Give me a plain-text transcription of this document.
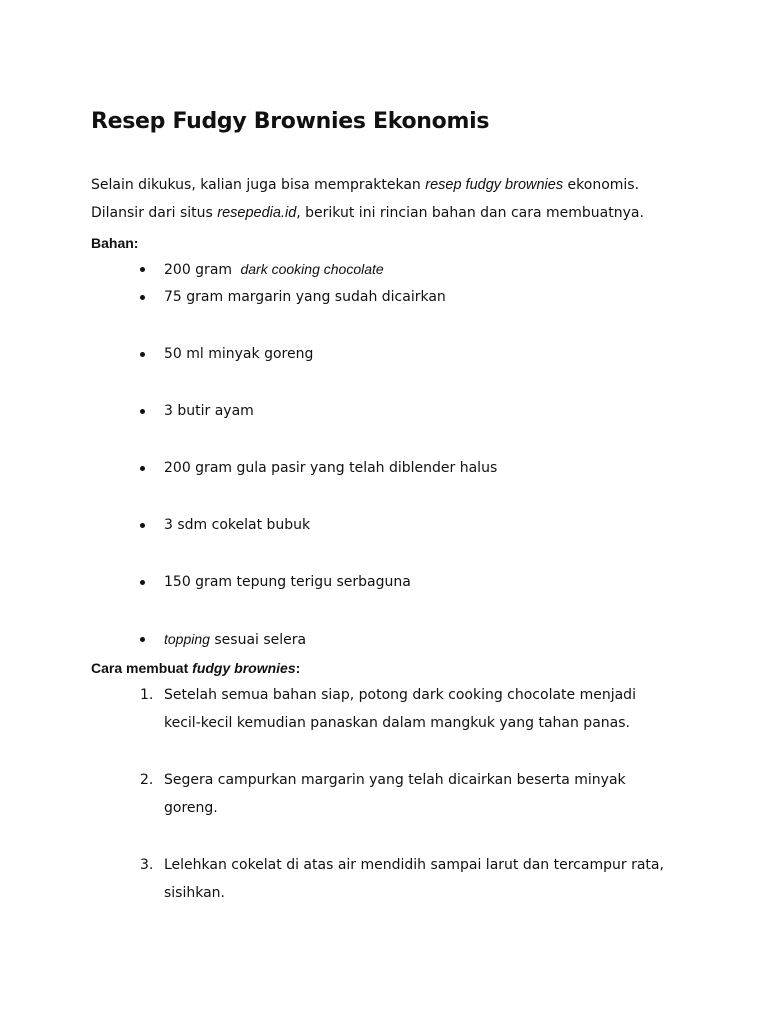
Resep Fudgy Brownies Ekonomis
Selain dikukus, kalian juga bisa mempraktekan resep fudgy brownies ekonomis.
Dilansir dari situs resepedia.id, berikut ini rincian bahan dan cara membuatnya.
Bahan:
200 gram dark cooking chocolate
75 gram margarin yang sudah dicairkan
50 ml minyak goreng
3 butir ayam
200 gram gula pasir yang telah diblender halus
3 sdm cokelat bubuk
150 gram tepung terigu serbaguna
topping sesuai selera
Cara membuat fudgy brownies:
1. Setelah semua bahan siap, potong dark cooking chocolate menjadi kecil-kecil kemudian panaskan dalam mangkuk yang tahan panas.
2. Segera campurkan margarin yang telah dicairkan beserta minyak goreng.
3. Lelehkan cokelat di atas air mendidih sampai larut dan tercampur rata, sisihkan.
